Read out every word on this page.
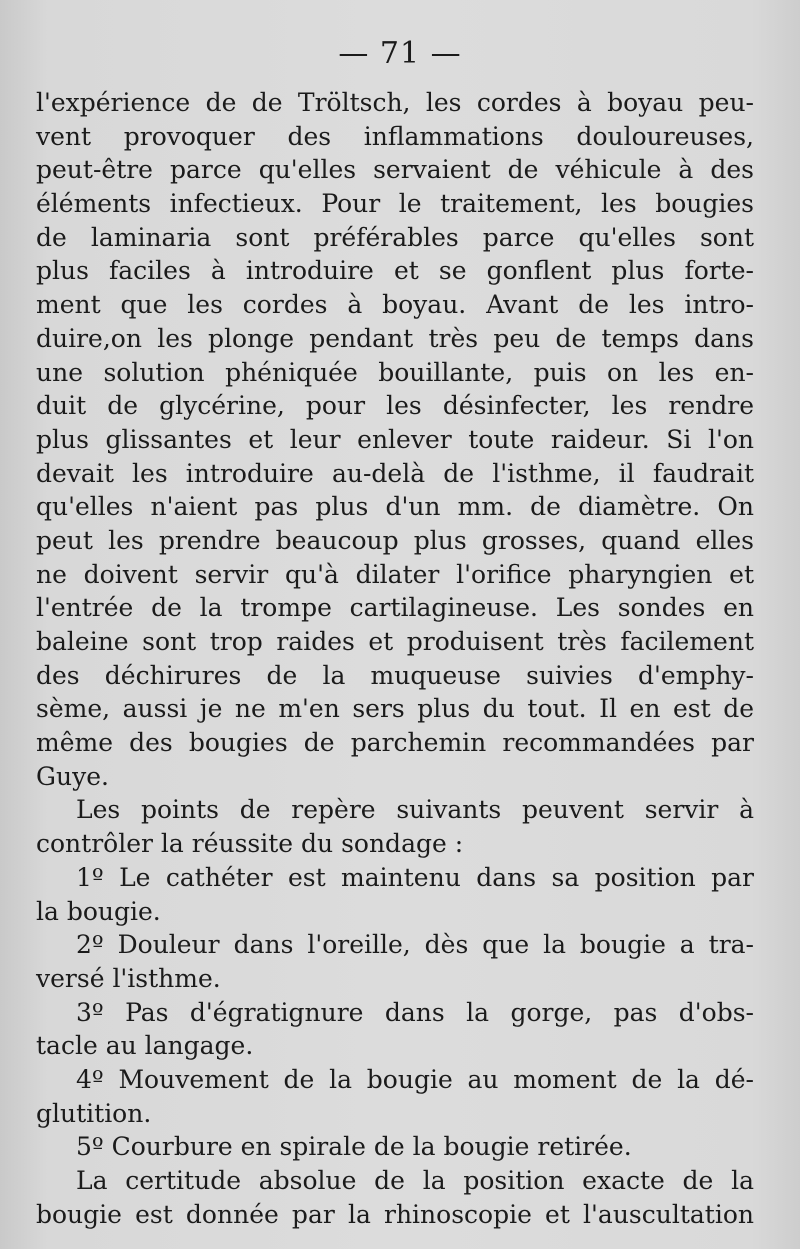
— 71 —
l'expérience de de Tröltsch, les cordes à boyau peu-
vent provoquer des inflammations douloureuses,
peut-être parce qu'elles servaient de véhicule à des
éléments infectieux. Pour le traitement, les bougies
de laminaria sont préférables parce qu'elles sont
plus faciles à introduire et se gonflent plus forte-
ment que les cordes à boyau. Avant de les intro-
duire,on les plonge pendant très peu de temps dans
une solution phéniquée bouillante, puis on les en-
duit de glycérine, pour les désinfecter, les rendre
plus glissantes et leur enlever toute raideur. Si l'on
devait les introduire au-delà de l'isthme, il faudrait
qu'elles n'aient pas plus d'un mm. de diamètre. On
peut les prendre beaucoup plus grosses, quand elles
ne doivent servir qu'à dilater l'orifice pharyngien et
l'entrée de la trompe cartilagineuse. Les sondes en
baleine sont trop raides et produisent très facilement
des déchirures de la muqueuse suivies d'emphy-
sème, aussi je ne m'en sers plus du tout. Il en est de
même des bougies de parchemin recommandées par
Guye.
Les points de repère suivants peuvent servir à
contrôler la réussite du sondage :
1º Le cathéter est maintenu dans sa position par
la bougie.
2º Douleur dans l'oreille, dès que la bougie a tra-
versé l'isthme.
3º Pas d'égratignure dans la gorge, pas d'obs-
tacle au langage.
4º Mouvement de la bougie au moment de la dé-
glutition.
5º Courbure en spirale de la bougie retirée.
La certitude absolue de la position exacte de la
bougie est donnée par la rhinoscopie et l'auscultation
